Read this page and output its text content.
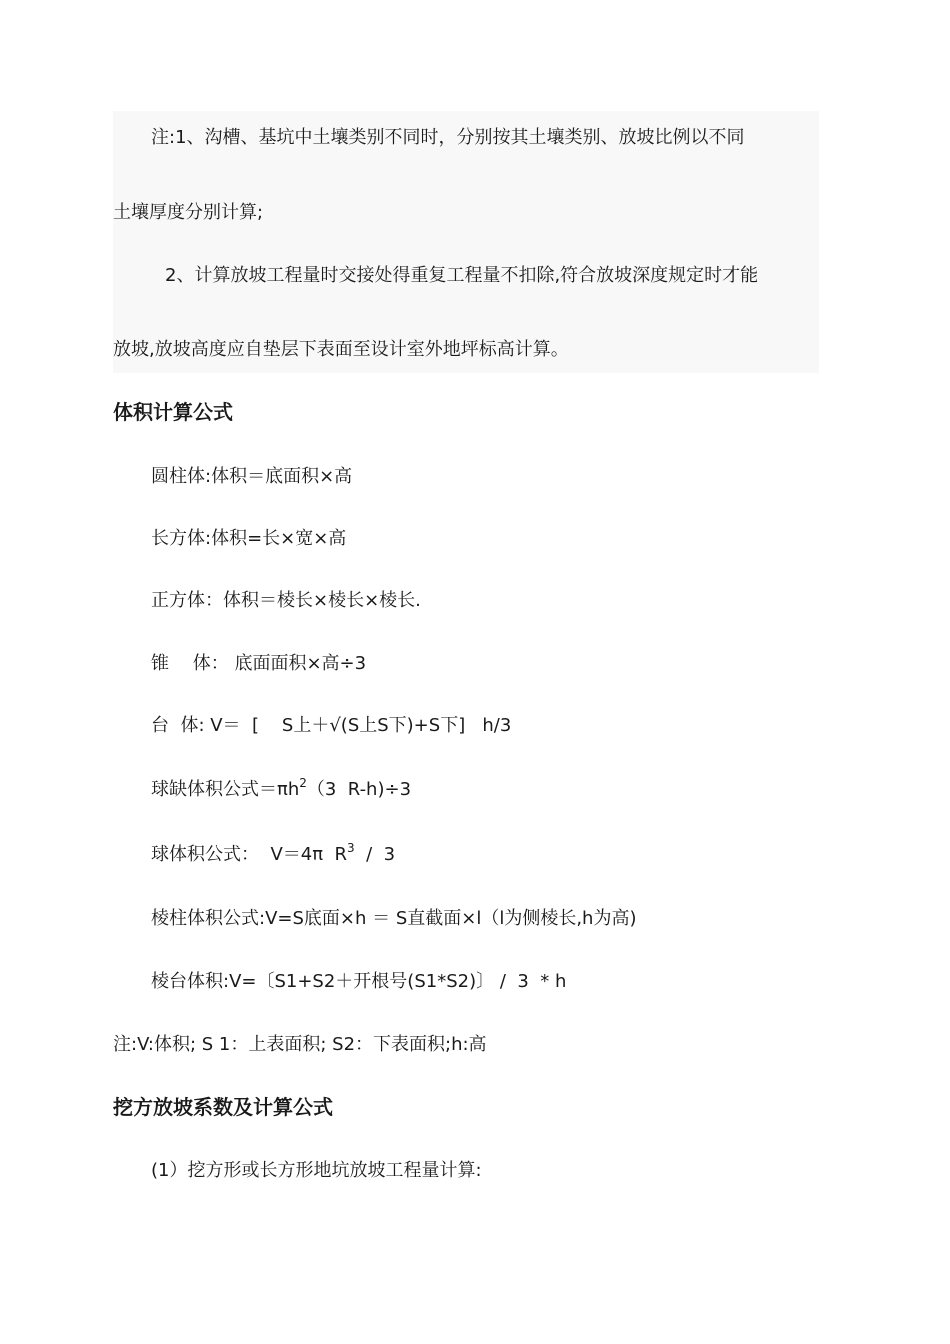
注:1、沟槽、基坑中土壤类别不同时，分别按其土壤类别、放坡比例以不同
土壤厚度分别计算;
2、计算放坡工程量时交接处得重复工程量不扣除,符合放坡深度规定时才能
放坡,放坡高度应自垫层下表面至设计室外地坪标高计算。
体积计算公式
圆柱体:体积＝底面积×高
长方体:体积=长×宽×高
正方体：体积＝棱长×棱长×棱长.
锥　 体： 底面面积×高÷3
台  体: V＝  [    S上＋√(S上S下)+S下]   h/3
球缺体积公式$=\pi h^2(3$  R-h)÷3
球体积公式：  V＝4π  $R^3 / 3$
棱柱体积公式:V=S底面×h ＝ S直截面×l（l为侧棱长,h为高)
棱台体积:V=〔S1+S2＋开根号(S1*S2)〕 /  3  * h
注:V:体积; S 1：上表面积; S2：下表面积;h:高
挖方放坡系数及计算公式
(1）挖方形或长方形地坑放坡工程量计算:
